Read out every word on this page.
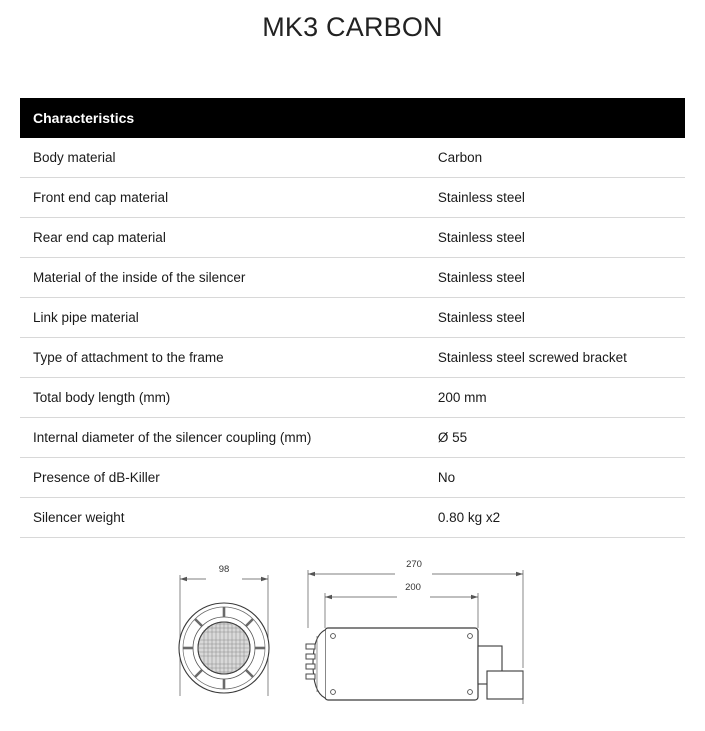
MK3 CARBON
Characteristics	
Body material	Carbon
Front end cap material	Stainless steel
Rear end cap material	Stainless steel
Material of the inside of the silencer	Stainless steel
Link pipe material	Stainless steel
Type of attachment to the frame	Stainless steel screwed bracket
Total body length (mm)	200 mm
Internal diameter of the silencer coupling (mm)	Ø 55
Presence of dB-Killer	No
Silencer weight	0.80 kg x2
98	270
200
